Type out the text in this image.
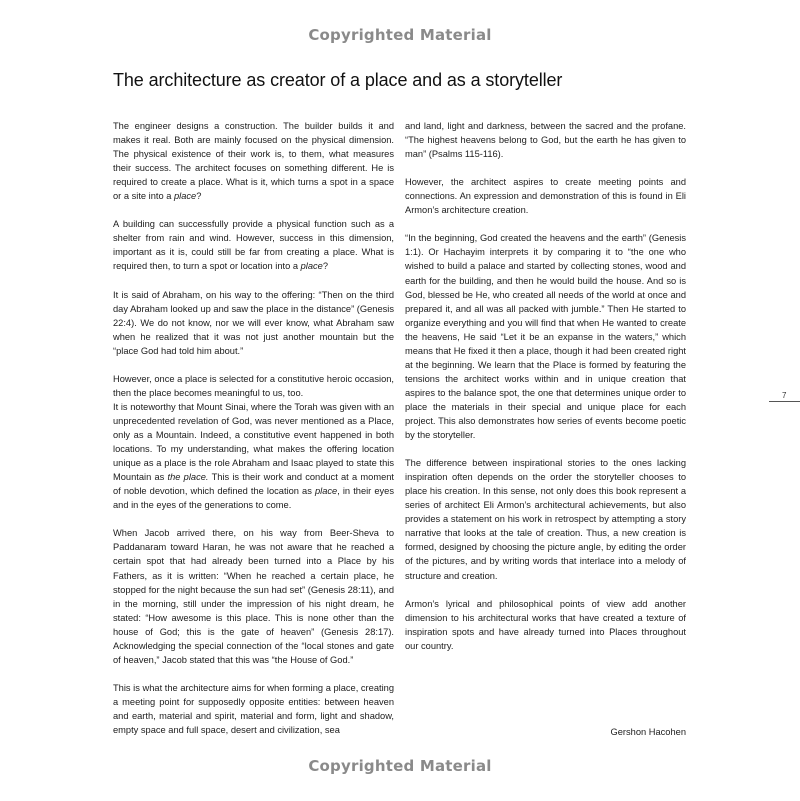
Copyrighted Material
The architecture as creator of a place and as a storyteller

The engineer designs a construction. The builder builds it and makes it real. Both are mainly focused on the physical dimension. The physical existence of their work is, to them, what measures their success. The architect focuses on something different. He is required to create a place. What is it, which turns a spot in a space or a site into a place?

A building can successfully provide a physical function such as a shelter from rain and wind. However, success in this dimension, important as it is, could still be far from creating a place. What is required then, to turn a spot or location into a place?

It is said of Abraham, on his way to the offering: “Then on the third day Abraham looked up and saw the place in the distance” (Genesis 22:4). We do not know, nor we will ever know, what Abraham saw when he realized that it was not just another mountain but the “place God had told him about.”

However, once a place is selected for a constitutive heroic occasion, then the place becomes meaningful to us, too.

It is noteworthy that Mount Sinai, where the Torah was given with an unprecedented revelation of God, was never mentioned as a Place, only as a Mountain. Indeed, a constitutive event happened in both locations. To my understanding, what makes the offering location unique as a place is the role Abraham and Isaac played to state this Mountain as the place. This is their work and conduct at a moment of noble devotion, which defined the location as place, in their eyes and in the eyes of the generations to come.

When Jacob arrived there, on his way from Beer-Sheva to Paddanaram toward Haran, he was not aware that he reached a certain spot that had already been turned into a Place by his Fathers, as it is written: “When he reached a certain place, he stopped for the night because the sun had set” (Genesis 28:11), and in the morning, still under the impression of his night dream, he stated: “How awesome is this place. This is none other than the house of God; this is the gate of heaven” (Genesis 28:17). Acknowledging the special connection of the “local stones and gate of heaven,” Jacob stated that this was “the House of God.”

This is what the architecture aims for when forming a place, creating a meeting point for supposedly opposite entities: between heaven and earth, material and spirit, material and form, light and shadow, empty space and full space, desert and civilization, sea

and land, light and darkness, between the sacred and the profane. “The highest heavens belong to God, but the earth he has given to man” (Psalms 115-116).

However, the architect aspires to create meeting points and connections. An expression and demonstration of this is found in Eli Armon’s architecture creation.

“In the beginning, God created the heavens and the earth” (Genesis 1:1). Or Hachayim interprets it by comparing it to “the one who wished to build a palace and started by collecting stones, wood and earth for the building, and then he would build the house. And so is God, blessed be He, who created all needs of the world at once and prepared it, and all was all packed with jumble.” Then He started to organize everything and you will find that when He wanted to create the heavens, He said “Let it be an expanse in the waters,” which means that He fixed it then a place, though it had been created right at the beginning. We learn that the Place is formed by featuring the tensions the architect works within and in unique creation that aspires to the balance spot, the one that determines unique order to place the materials in their special and unique place for each project. This also demonstrates how series of events become poetic by the storyteller.

The difference between inspirational stories to the ones lacking inspiration often depends on the order the storyteller chooses to place his creation. In this sense, not only does this book represent a series of architect Eli Armon’s architectural achievements, but also provides a statement on his work in retrospect by attempting a story narrative that looks at the tale of creation. Thus, a new creation is formed, designed by choosing the picture angle, by editing the order of the pictures, and by writing words that interlace into a melody of structure and creation.

Armon’s lyrical and philosophical points of view add another dimension to his architectural works that have created a texture of inspiration spots and have already turned into Places throughout our country.

Gershon Hacohen
7
Copyrighted Material
